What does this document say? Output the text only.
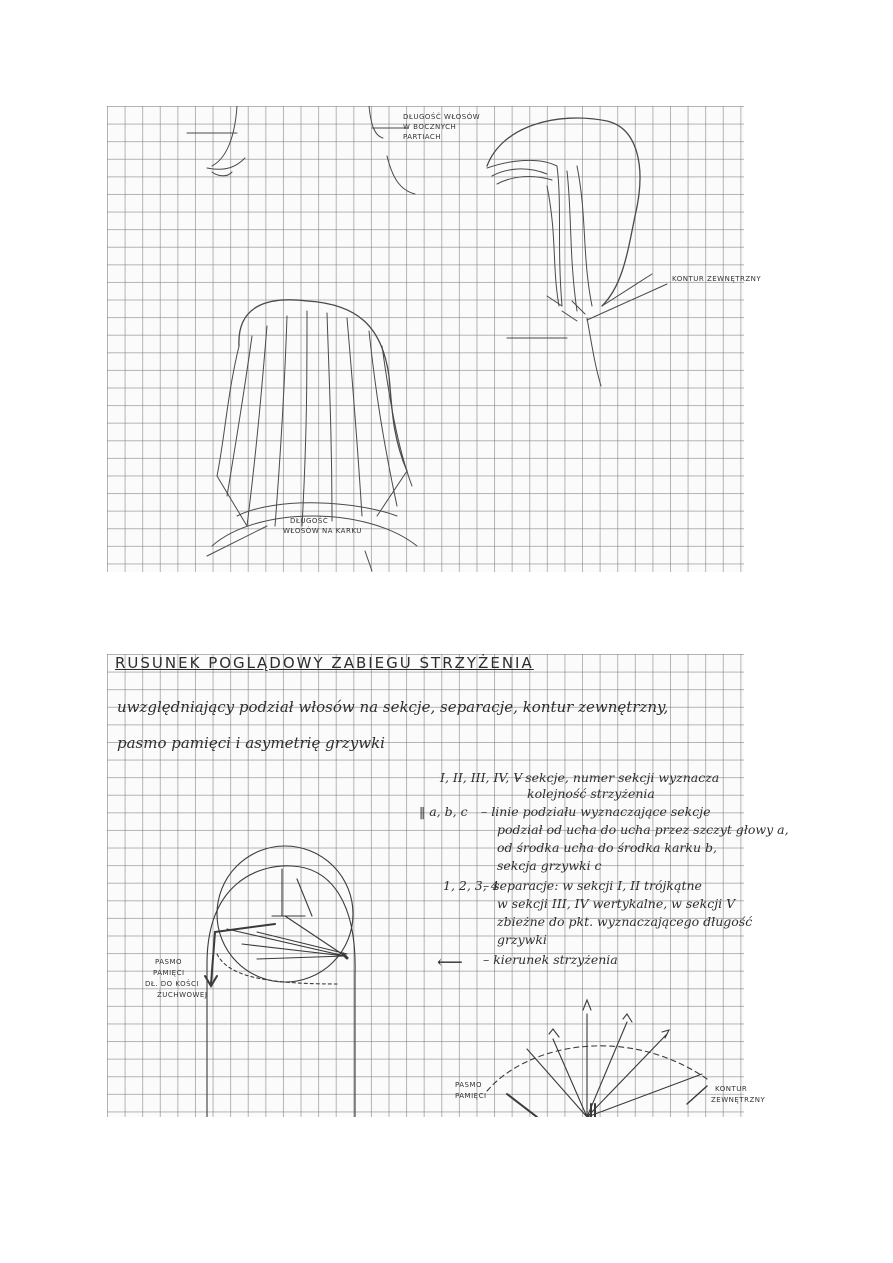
DŁUGOŚĆ WŁOSÓW
W BOCZNYCH
PARTIACH
KONTUR ZEWNĘTRZNY
DŁUGOŚĆ
WŁOSÓW NA KARKU
RUSUNEK POGLĄDOWY ZABIEGU STRZYŻENIA
uwzględniający podział włosów na sekcje, separacje, kontur zewnętrzny,
pasmo pamięci i asymetrię grzywki
I, II, III, IV, V
– sekcje, numer sekcji wyznacza
kolejność strzyżenia
‖ a, b, c – linie podziału wyznaczające sekcje
podział od ucha do ucha przez szczyt głowy a,
od środka ucha do środka karku b,
sekcja grzywki c
1, 2, 3, 4
– separacje: w sekcji I, II trójkątne
w sekcji III, IV wertykalne, w sekcji V
zbieżne do pkt. wyznaczającego długość
grzywki
⟵ – kierunek strzyżenia
PASMO
PAMIĘCI
DŁ. DO KOŚCI
ŻUCHWOWEJ
PASMO
PAMIĘCI
KONTUR
ZEWNĘTRZNY
